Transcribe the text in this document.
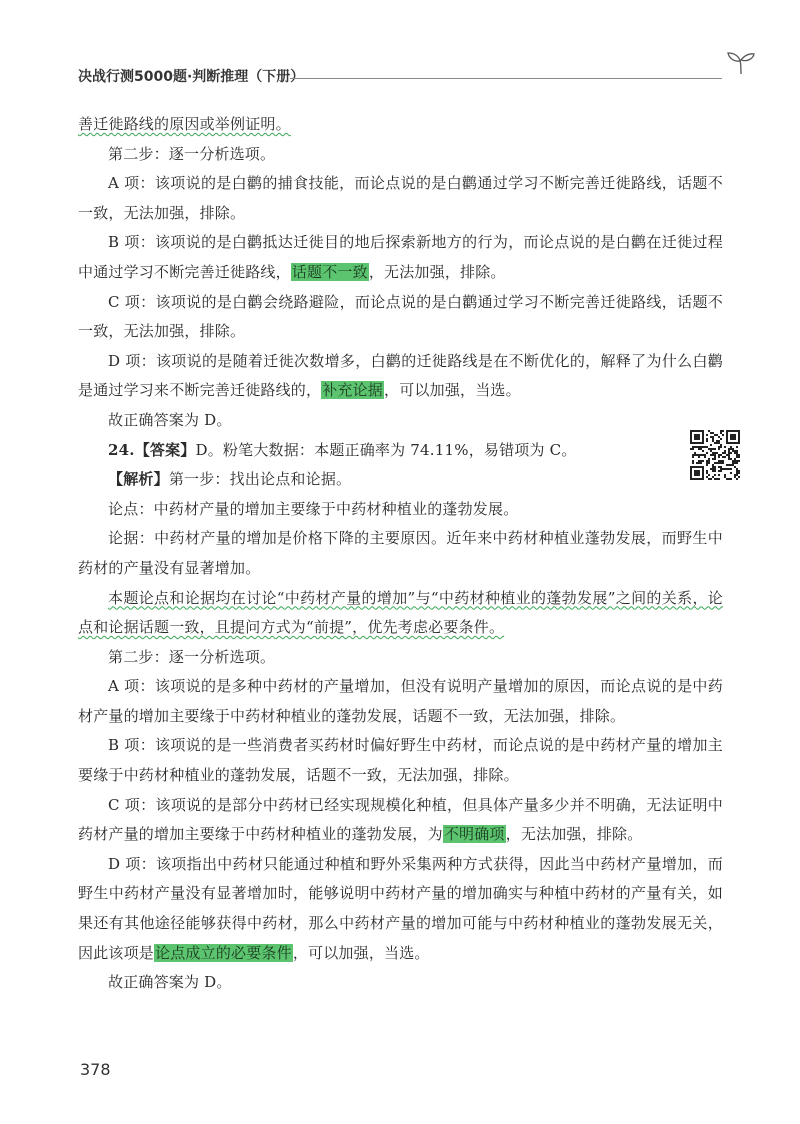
决战行测5000题·判断推理（下册）

善迁徙路线的原因或举例证明。

第二步：逐一分析选项。

A 项：该项说的是白鹳的捕食技能，而论点说的是白鹳通过学习不断完善迁徙路线，话题不一致，无法加强，排除。

B 项：该项说的是白鹳抵达迁徙目的地后探索新地方的行为，而论点说的是白鹳在迁徙过程中通过学习不断完善迁徙路线，话题不一致，无法加强，排除。

C 项：该项说的是白鹳会绕路避险，而论点说的是白鹳通过学习不断完善迁徙路线，话题不一致，无法加强，排除。

D 项：该项说的是随着迁徙次数增多，白鹳的迁徙路线是在不断优化的，解释了为什么白鹳是通过学习来不断完善迁徙路线的，补充论据，可以加强，当选。

故正确答案为 D。

24.【答案】D。粉笔大数据：本题正确率为 74.11%，易错项为 C。

【解析】第一步：找出论点和论据。

论点：中药材产量的增加主要缘于中药材种植业的蓬勃发展。

论据：中药材产量的增加是价格下降的主要原因。近年来中药材种植业蓬勃发展，而野生中药材的产量没有显著增加。

本题论点和论据均在讨论“中药材产量的增加”与“中药材种植业的蓬勃发展”之间的关系，论点和论据话题一致，且提问方式为“前提”，优先考虑必要条件。

第二步：逐一分析选项。

A 项：该项说的是多种中药材的产量增加，但没有说明产量增加的原因，而论点说的是中药材产量的增加主要缘于中药材种植业的蓬勃发展，话题不一致，无法加强，排除。

B 项：该项说的是一些消费者买药材时偏好野生中药材，而论点说的是中药材产量的增加主要缘于中药材种植业的蓬勃发展，话题不一致，无法加强，排除。

C 项：该项说的是部分中药材已经实现规模化种植，但具体产量多少并不明确，无法证明中药材产量的增加主要缘于中药材种植业的蓬勃发展，为不明确项，无法加强，排除。

D 项：该项指出中药材只能通过种植和野外采集两种方式获得，因此当中药材产量增加，而野生中药材产量没有显著增加时，能够说明中药材产量的增加确实与种植中药材的产量有关，如果还有其他途径能够获得中药材，那么中药材产量的增加可能与中药材种植业的蓬勃发展无关，因此该项是论点成立的必要条件，可以加强，当选。

故正确答案为 D。

378
